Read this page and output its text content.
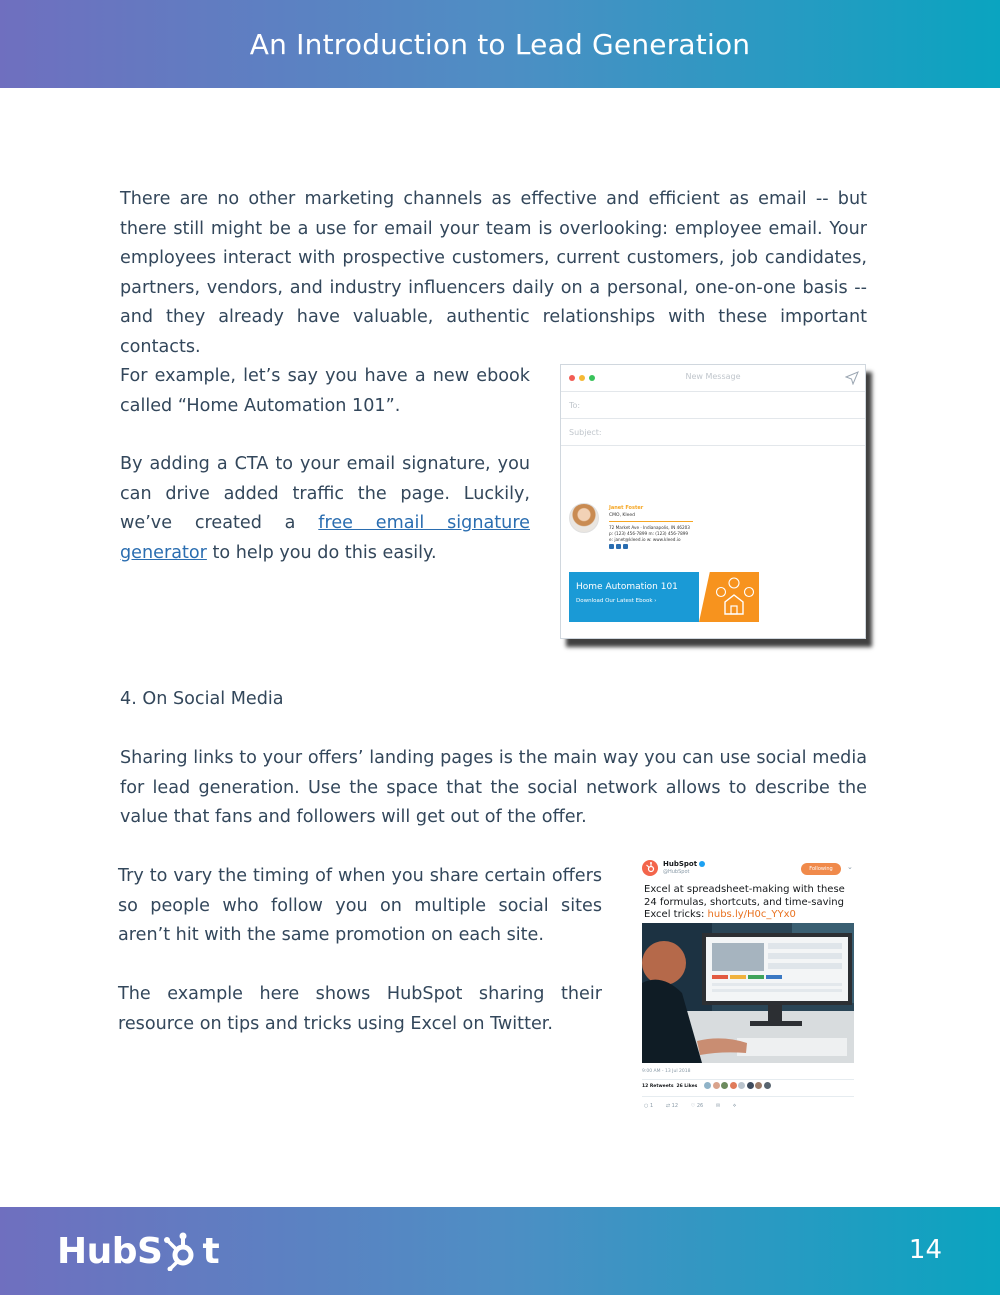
An Introduction to Lead Generation

There are no other marketing channels as effective and efficient as email -- but there still might be a use for email your team is overlooking: employee email. Your employees interact with prospective customers, current customers, job candidates, partners, vendors, and industry influencers daily on a personal, one-on-one basis -- and they already have valuable, authentic relationships with these important contacts.

For example, let’s say you have a new ebook called “Home Automation 101”.

By adding a CTA to your email signature, you can drive added traffic the page. Luckily, we’ve created a free email signature generator to help you do this easily.

New Message
To:
Subject:
Janet Foster
CMO, Kleed
72 Market Ave · Indianapolis, IN 46203
p: (123) 456-7899 m: (123) 456-7899
e: janet@kleed.io w: www.kleed.io
Home Automation 101
Download Our Latest Ebook ›
4. On Social Media

Sharing links to your offers’ landing pages is the main way you can use social media for lead generation. Use the space that the social network allows to describe the value that fans and followers will get out of the offer.

Try to vary the timing of when you share certain offers so people who follow you on multiple social sites aren’t hit with the same promotion on each site.

The example here shows HubSpot sharing their resource on tips and tricks using Excel on Twitter.

HubSpot
@HubSpot	Following	⌄
Excel at spreadsheet-making with these 24 formulas, shortcuts, and time-saving Excel tricks: hubs.ly/H0c_YYx0
9:00 AM - 13 Jul 2018
12 Retweets 26 Likes
○ 1	⇄ 12	♡ 26	✉	⟡
HubS t	14
